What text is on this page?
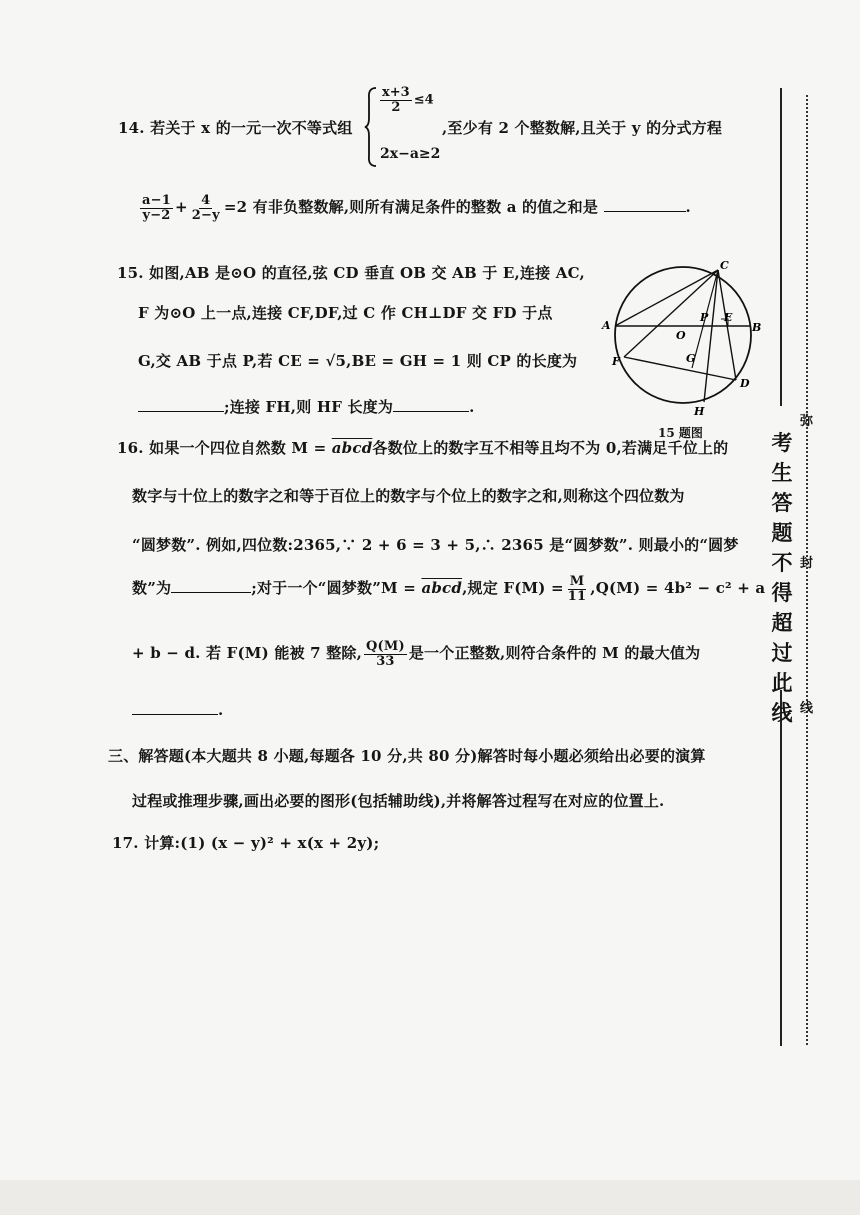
14. 若关于 x 的一元一次不等式组
$\frac{x+3}{2} \le 4$
2x−a≥2
,至少有 2 个整数解,且关于 y 的分式方程
$\frac{a-1}{y-2} + \frac{4}{2-y} =2$ 有非负整数解,则所有满足条件的整数 a 的值之和是	.
15. 如图,AB 是⊙O 的直径,弦 CD 垂直 OB 交 AB 于 E,连接 AC,
F 为⊙O 上一点,连接 CF,DF,过 C 作 CH⊥DF 交 FD 于点
G,交 AB 于点 P,若 CE = √5,BE = GH = 1 则 CP 的长度为
;连接 FH,则 HF 长度为	.
A	B
C
D
E
F	G
H
O
P
15 题图
16. 如果一个四位自然数 M = abcd各数位上的数字互不相等且均不为 0,若满足千位上的
数字与十位上的数字之和等于百位上的数字与个位上的数字之和,则称这个四位数为
“圆梦数”. 例如,四位数:2365,∵ 2 + 6 = 3 + 5,∴ 2365 是“圆梦数”. 则最小的“圆梦
数”为	;对于一个“圆梦数”M = abcd,规定 $F(M) = \frac{M}{11} ,Q(M) = 4b^2 - c^2 + a$
+ b − d. 若 F(M) 能被 7 整除, $\frac{Q(M)}{33}$ 是一个正整数,则符合条件的 M 的最大值为
.
三、解答题(本大题共 8 小题,每题各 10 分,共 80 分)解答时每小题必须给出必要的演算
过程或推理步骤,画出必要的图形(包括辅助线),并将解答过程写在对应的位置上.
17. 计算:(1) (x − y)² + x(x + 2y);
弥
封
线
考
生
答
题
不
得
超
过
此
线
